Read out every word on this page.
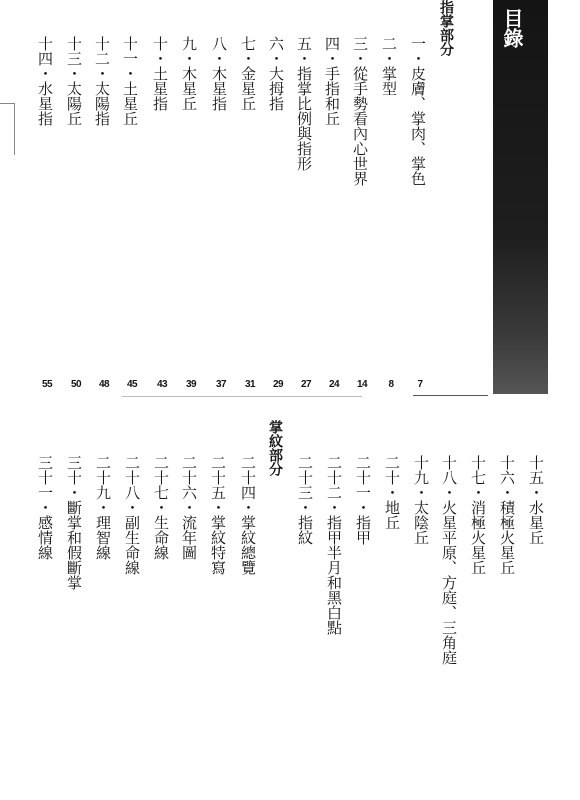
目錄
指掌部分
一・皮膚、掌肉、掌色
二・掌型
三・從手勢看內心世界
四・手指和丘
五・指掌比例與指形
六・大拇指
七・金星丘
八・木星指
九・木星丘
十・土星指
十一・土星丘
十二・太陽指
十三・太陽丘
十四・水星指
7
8
14
24
27
29
31
37
39
43
45
48
50
55
十五・水星丘
十六・積極火星丘
十七・消極火星丘
十八・火星平原、方庭、三角庭
十九・太陰丘
二十・地丘
二十一・指甲
二十二・指甲半月和黑白點
二十三・指紋
掌紋部分
二十四・掌紋總覽
二十五・掌紋特寫
二十六・流年圖
二十七・生命線
二十八・副生命線
二十九・理智線
三十・斷掌和假斷掌
三十一・感情線
